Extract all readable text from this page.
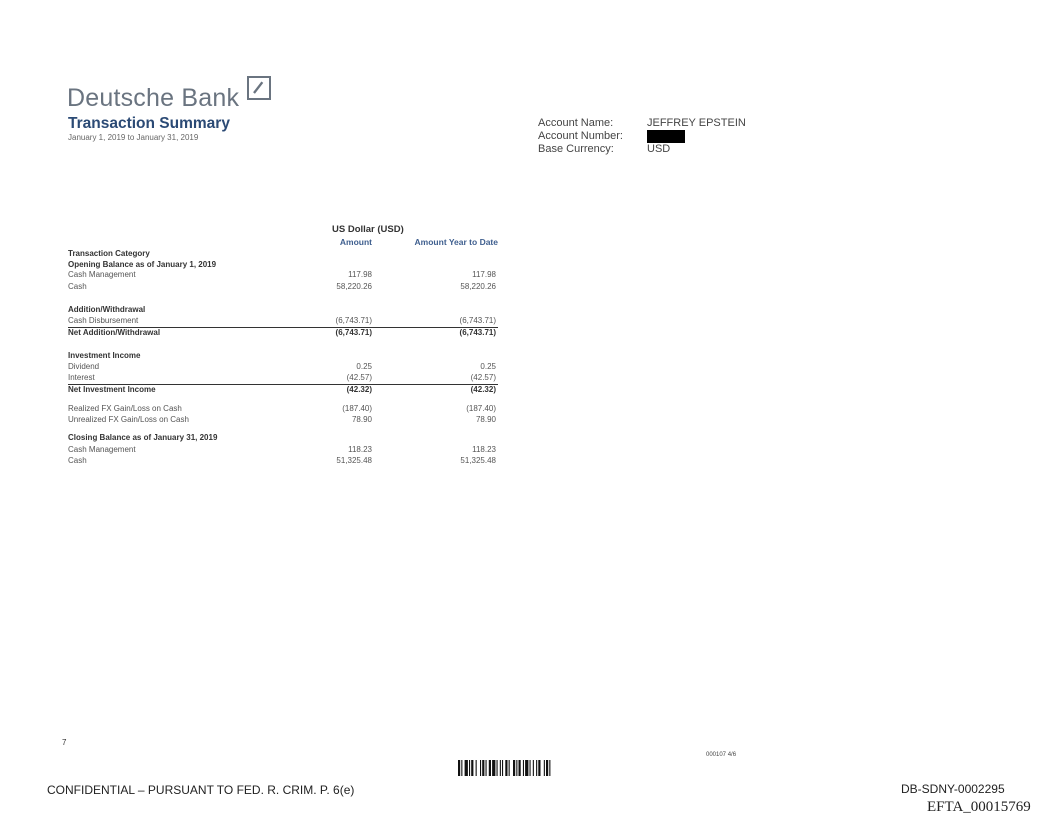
Deutsche Bank
Transaction Summary
January 1, 2019 to January 31, 2019
Account Name:	JEFFREY EPSTEIN
Account Number:
Base Currency:	USD
US Dollar (USD)
Amount	Amount Year to Date
Transaction Category
Opening Balance as of January 1, 2019
Cash Management	117.98	117.98
Cash	58,220.26	58,220.26
Addition/Withdrawal
Cash Disbursement	(6,743.71)	(6,743.71)
Net Addition/Withdrawal	(6,743.71)	(6,743.71)
Investment Income
Dividend	0.25	0.25
Interest	(42.57)	(42.57)
Net Investment Income	(42.32)	(42.32)
Realized FX Gain/Loss on Cash	(187.40)	(187.40)
Unrealized FX Gain/Loss on Cash	78.90	78.90
Closing Balance as of January 31, 2019
Cash Management	118.23	118.23
Cash	51,325.48	51,325.48
7
000107 4/6
CONFIDENTIAL – PURSUANT TO FED. R. CRIM. P. 6(e)	DB-SDNY-0002295
EFTA_00015769
